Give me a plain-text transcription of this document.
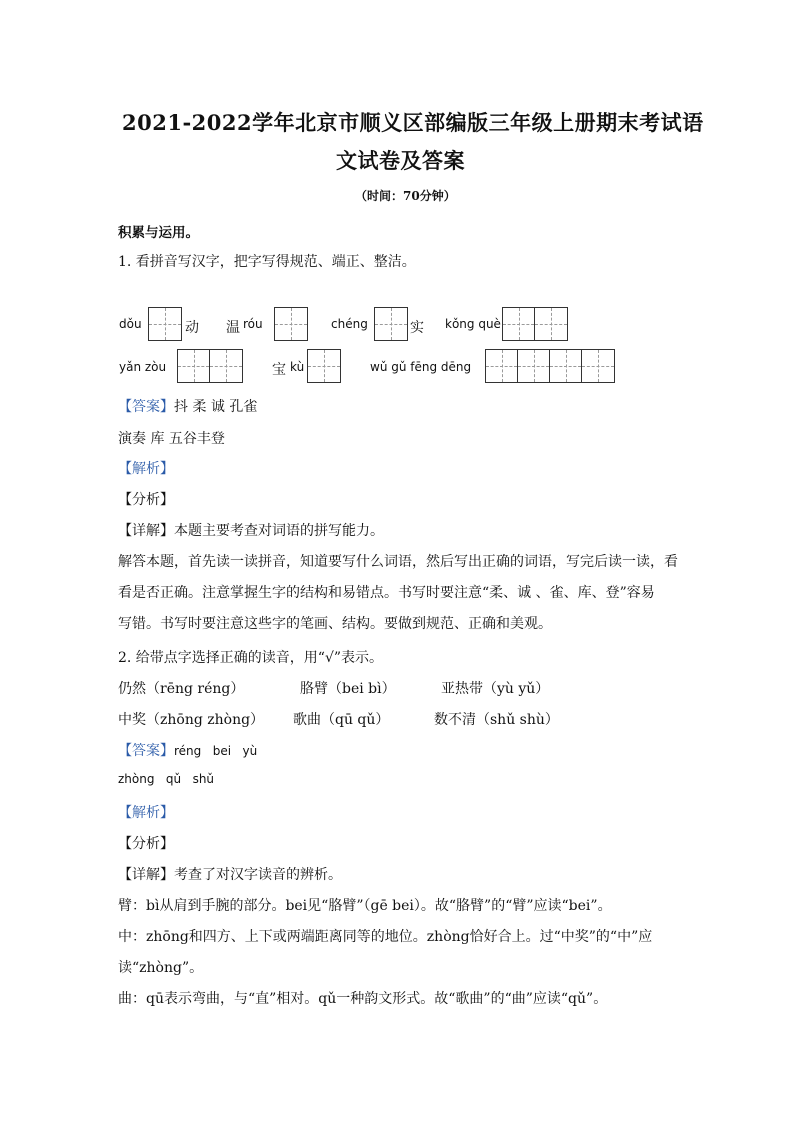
2021-2022学年北京市顺义区部编版三年级上册期末考试语
文试卷及答案
（时间：70分钟）
积累与运用。
1. 看拼音写汉字，把字写得规范、端正、整洁。
dǒu	动 温 róu	chéng	实 kǒng què
yǎn zòu	宝 kù	wǔ gǔ fēng dēng
【答案】抖 柔 诚 孔雀
演奏 库 五谷丰登
【解析】
【分析】
【详解】本题主要考查对词语的拼写能力。
解答本题，首先读一读拼音，知道要写什么词语，然后写出正确的词语，写完后读一读，看
看是否正确。注意掌握生字的结构和易错点。书写时要注意“柔、诚 、雀、库、登”容易
写错。书写时要注意这些字的笔画、结构。要做到规范、正确和美观。
2. 给带点字选择正确的读音，用“√”表示。
仍然（rēng réng）	胳臂（bei bì）	亚热带（yù yǔ）
中奖（zhōng zhòng） 歌曲（qū qǔ）	数不清（shǔ shù）
【答案】réng   bei   yù
zhòng   qǔ   shǔ
【解析】
【分析】
【详解】考查了对汉字读音的辨析。
臂：bì从肩到手腕的部分。bei见“胳臂”（gē bei）。故“胳臂”的“臂”应读“bei”。
中：zhōng和四方、上下或两端距离同等的地位。zhòng恰好合上。过“中奖”的“中”应
读“zhòng”。
曲：qū表示弯曲，与“直”相对。qǔ一种韵文形式。故“歌曲”的“曲”应读“qǔ”。
